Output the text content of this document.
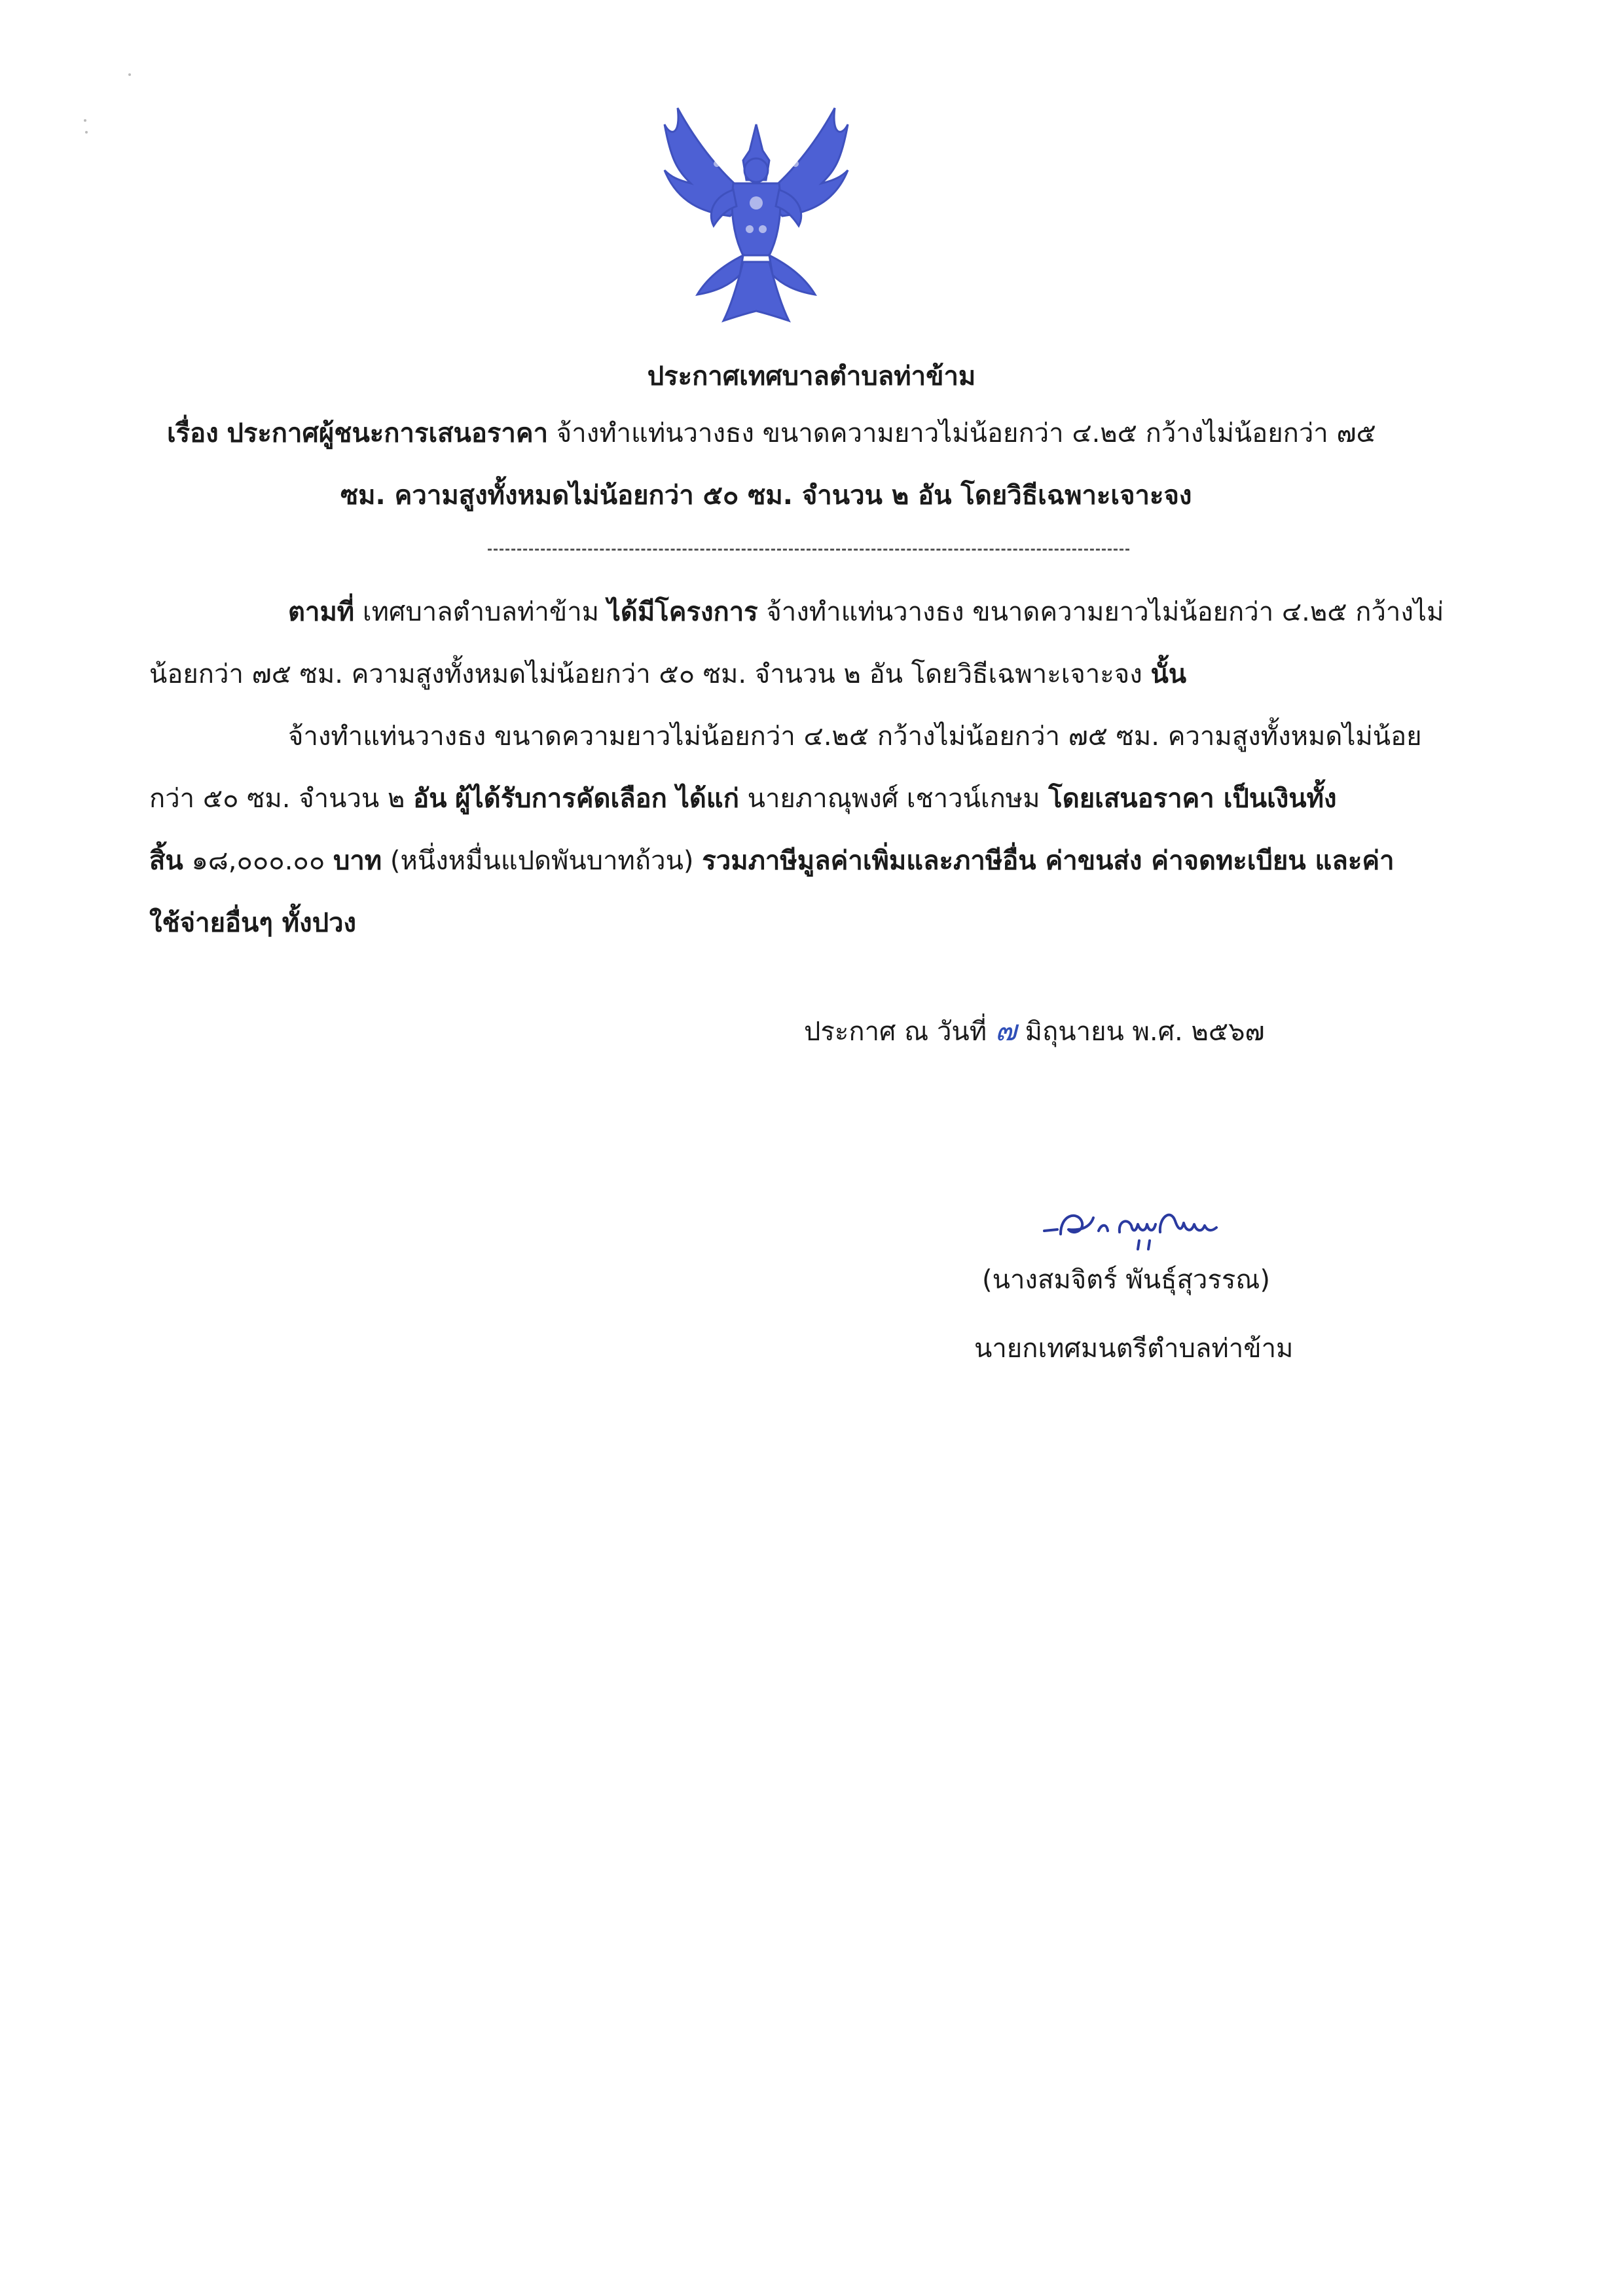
ประกาศเทศบาลตำบลท่าข้าม
เรื่อง ประกาศผู้ชนะการเสนอราคา จ้างทำแท่นวางธง ขนาดความยาวไม่น้อยกว่า ๔.๒๕ กว้างไม่น้อยกว่า ๗๕
ซม. ความสูงทั้งหมดไม่น้อยกว่า ๕๐ ซม. จำนวน ๒ อัน โดยวิธีเฉพาะเจาะจง
ตามที่ เทศบาลตำบลท่าข้าม ได้มีโครงการ จ้างทำแท่นวางธง ขนาดความยาวไม่น้อยกว่า ๔.๒๕ กว้างไม่
น้อยกว่า ๗๕ ซม. ความสูงทั้งหมดไม่น้อยกว่า ๕๐ ซม. จำนวน ๒ อัน โดยวิธีเฉพาะเจาะจง นั้น
จ้างทำแท่นวางธง ขนาดความยาวไม่น้อยกว่า ๔.๒๕ กว้างไม่น้อยกว่า ๗๕ ซม. ความสูงทั้งหมดไม่น้อย
กว่า ๕๐ ซม. จำนวน ๒ อัน ผู้ได้รับการคัดเลือก ได้แก่ นายภาณุพงศ์ เชาวน์เกษม โดยเสนอราคา เป็นเงินทั้ง
สิ้น ๑๘,๐๐๐.๐๐ บาท (หนึ่งหมื่นแปดพันบาทถ้วน) รวมภาษีมูลค่าเพิ่มและภาษีอื่น ค่าขนส่ง ค่าจดทะเบียน และค่า
ใช้จ่ายอื่นๆ ทั้งปวง
ประกาศ ณ วันที่ ๗ มิถุนายน พ.ศ. ๒๕๖๗
(นางสมจิตร์ พันธุ์สุวรรณ)
นายกเทศมนตรีตำบลท่าข้าม
